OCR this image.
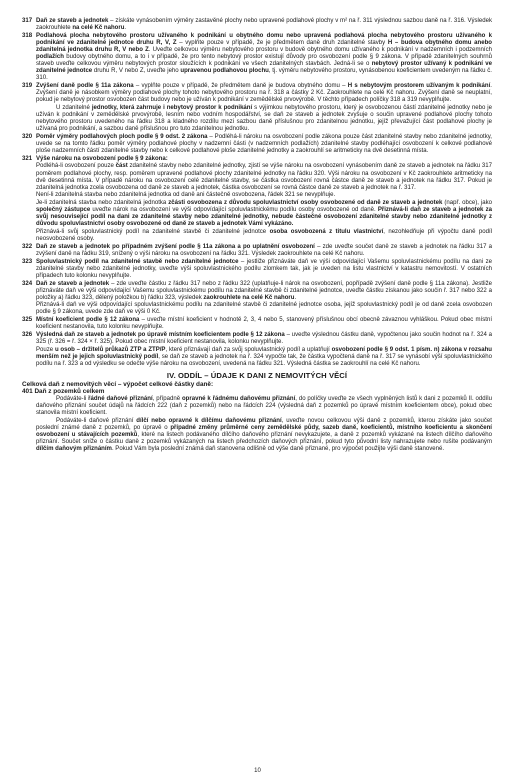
317 Daň ze staveb a jednotek – získáte vynásobením výměry zastavěné plochy nebo upravené podlahové plochy v m² na ř. 311 výslednou sazbou daně na ř. 316. Výsledek zaokrouhlete na celé Kč nahoru.
318 Podlahová plocha nebytového prostoru užívaného k podnikání u obytného domu nebo upravená podlahová plocha nebytového prostoru užívaného k podnikání ve zdanitelné jednotce druhu R, V, Z – vyplňte pouze v případě, že je předmětem daně druh zdanitelné stavby H – budova obytného domu anebo zdanitelná jednotka druhu R, V nebo Z. Uveďte celkovou výměru nebytového prostoru v budově obytného domu užívaného k podnikání v nadzemních i podzemních podlažích budovy obytného domu, a to i v případě, že pro tento nebytový prostor existují důvody pro osvobození podle § 9 zákona. V případě zdanitelných souhrnů staveb uveďte celkovou výměru nebytových prostor sloužících k podnikání ve všech zdanitelných stavbách. Jedná-li se o nebytový prostor užívaný k podnikání ve zdanitelné jednotce druhu R, V nebo Z, uveďte jeho upravenou podlahovou plochu, tj. výměru nebytového prostoru, vynásobenou koeficientem uvedeným na řádku č. 310.
319 Zvýšení daně podle § 11a zákona – vyplňte pouze v případě, že předmětem daně je budova obytného domu – H s nebytovým prostorem užívaným k podnikání. Zvýšení daně je násobkem výměry podlahové plochy tohoto nebytového prostoru na ř. 318 a částky 2 Kč. Zaokrouhlete na celé Kč nahoru. Zvýšení daně se neuplatní, pokud je nebytový prostor osvobozen část budovy nebo je užíván k podnikání v zemědělské prvovýrobě. V těchto případech políčky 318 a 319 nevyplňujte.
U zdanitelné jednotky, která zahrnuje i nebytový prostor k podnikání s výjimkou nebytového prostoru, který je osvobozenou částí zdanitelné jednotky nebo je užíván k podnikání v zemědělské prvovýrobě, lesním nebo vodním hospodářství, se daň ze staveb a jednotek zvyšuje o součin upravené podlahové plochy tohoto nebytového prostoru uvedeného na řádku 318 a kladného rozdílu mezi sazbou daně příslušnou pro zdanitelnou jednotku, jejíž převažující část podlahové plochy je užívaná pro podnikání, a sazbou daně příslušnou pro tuto zdanitelnou jednotku.
320 Poměr výměry podlahových ploch podle § 9 odst. 2 zákona – Podléhá-li nároku na osvobození podle zákona pouze část zdanitelné stavby nebo zdanitelné jednotky, uvede se na tomto řádku poměr výměry podlahové plochy v nadzemní části (v nadzemních podlažích) zdanitelné stavby podléhající osvobození k celkové podlahové ploše nadzemních částí zdanitelné stavby nebo k celkové podlahové ploše zdanitelné jednotky a zaokrouhlí se aritmeticky na dvě desetinná místa.
321 Výše nároku na osvobození podle § 9 zákona:
Podléhá-li osvobození pouze část zdanitelné stavby nebo zdanitelné jednotky, zjistí se výše nároku na osvobození vynásobením daně ze staveb a jednotek na řádku 317 poměrem podlahové plochy, resp. poměrem upravené podlahové plochy zdanitelné jednotky na řádku 320. Výši nároku na osvobození v Kč zaokrouhlete aritmeticky na dvě desetinná místa. V případě nároku na osvobození celé zdanitelné stavby, se částka osvobození rovná částce daně ze staveb a jednotek na řádku 317. Pokud je zdanitelná jednotka zcela osvobozena od daně ze staveb a jednotek, částka osvobození se rovná částce daně ze staveb a jednotek na ř. 317.
Není-li zdanitelná stavba nebo zdanitelná jednotka od daně ani částečně osvobozena, řádek 321 se nevyplňuje.
Je-li zdanitelná stavba nebo zdanitelná jednotka zčásti osvobozena z důvodu spoluvlastnictví osoby osvobozené od daně ze staveb a jednotek (např. obce), jako společný zástupce uveďte nárok na osvobození ve výši odpovídající spoluvlastnickému podílu osoby osvobozené od daně. Přiznává-li daň ze staveb a jednotek za svůj nesouvisející podíl na dani ze zdanitelné stavby nebo zdanitelné jednotky, nebude částečné osvobození zdanitelné stavby nebo zdanitelné jednotky z důvodu spoluvlastnictví osoby osvobozené od daně ze staveb a jednotek Vámi vykázáno.
Přiznává-li svůj spoluvlastnický podíl na zdanitelné stavbě či zdanitelné jednotce osoba osvobozená z titulu vlastnictví, nezohledňuje při výpočtu daně podíl neosvobozené osoby.
322 Daň ze staveb a jednotek po případném zvýšení podle § 11a zákona a po uplatnění osvobození – zde uveďte součet daně ze staveb a jednotek na řádku 317 a zvýšení daně na řádku 319, snížený o výši nároku na osvobození na řádku 321. Výsledek zaokrouhlete na celé Kč nahoru.
323 Spoluvlastnický podíl na zdanitelné stavbě nebo zdanitelné jednotce – jestliže přiznáváte daň ve výši odpovídající Vašemu spoluvlastnickému podílu na dani ze zdanitelné stavby nebo zdanitelné jednotky, uveďte výši spoluvlastnického podílu zlomkem tak, jak je uveden na listu vlastnictví v katastru nemovitostí. V ostatních případech tuto kolonku nevyplňujte.
324 Daň ze staveb a jednotek – zde uveďte částku z řádku 317 nebo z řádku 322 (uplatňuje-li nárok na osvobození, popřípadě zvýšení daně podle § 11a zákona). Jestliže přiznáváte daň ve výši odpovídající Vašemu spoluvlastnickému podílu na zdanitelné stavbě či zdanitelné jednotce, uveďte částku získanou jako součin ř. 317 nebo 322 a položky a) řádku 323, dělený položkou b) řádku 323, výsledek zaokrouhlete na celé Kč nahoru.
Přiznává-li daň ve výši odpovídající spoluvlastnickému podílu na zdanitelné stavbě či zdanitelné jednotce osoba, jejíž spoluvlastnický podíl je od daně zcela osvobozen podle § 9 zákona, uvede zde daň ve výši 0 Kč.
325 Místní koeficient podle § 12 zákona – uveďte místní koeficient v hodnotě 2, 3, 4 nebo 5, stanovený příslušnou obcí obecně závaznou vyhláškou. Pokud obec místní koeficient nestanovila, tuto kolonku nevyplňujte.
326 Výsledná daň ze staveb a jednotek po úpravě místním koeficientem podle § 12 zákona – uveďte výslednou částku daně, vypočtenou jako součin hodnot na ř. 324 a 325 (ř. 326 = ř. 324 × ř. 325). Pokud obec místní koeficient nestanovila, kolonku nevyplňujte.
Pouze u osob – držitelů průkazů ZTP a ZTP/P, které přiznávají daň za svůj spoluvlastnický podíl a uplatňují osvobození podle § 9 odst. 1 písm. n) zákona v rozsahu menším než je jejich spoluvlastnický podíl, se daň ze staveb a jednotek na ř. 324 vypočte tak, že částka vypočtená daně na ř. 317 se vynásobí výší spoluvlastnického podílu na ř. 323 a od výsledku se odečte výše nároku na osvobození, uvedená na řádku 321. Výsledná částka se zaokrouhlí na celé Kč nahoru.
IV. ODDÍL – ÚDAJE K DANI Z NEMOVITÝCH VĚCÍ
Celková daň z nemovitých věcí – výpočet celkové částky daně:
401 Daň z pozemků celkem
Podáváte-li řádné daňové přiznání, případně opravné k řádnému daňovému přiznání, do políčky uveďte ze všech vyplněných listů k dani z pozemků II. oddílu daňového přiznání součet údajů na řádcích 222 (daň z pozemků) nebo na řádcích 224 (výsledná daň z pozemků po úpravě místním koeficientem obce), pokud obec stanovila místní koeficient.
Podáváte-li daňové přiznání dílčí nebo opravné k dílčímu daňovému přiznání, uveďte novou celkovou výši daně z pozemků, kterou získáte jako součet poslední známé daně z pozemků, po úpravě o případné změny průměrné ceny zemědělské půdy, sazeb daně, koeficientů, místního koeficientu a skončení osvobození u stávajících pozemků, které na listech podávaného dílčího daňového přiznání nevykazujete, a daně z pozemků vykázané na listech dílčího daňového přiznání. Součet sníže o částku daně z pozemků vykázaných na listech předchozích daňových přiznání, pokud tyto původní listy nahrazujete nebo rušíte podávaným dílčím daňovým přiznáním. Pokud Vám byla poslední známá daň stanovena odlišně od výše daně přiznané, pro výpočet použijte výši daně stanovené.
10
